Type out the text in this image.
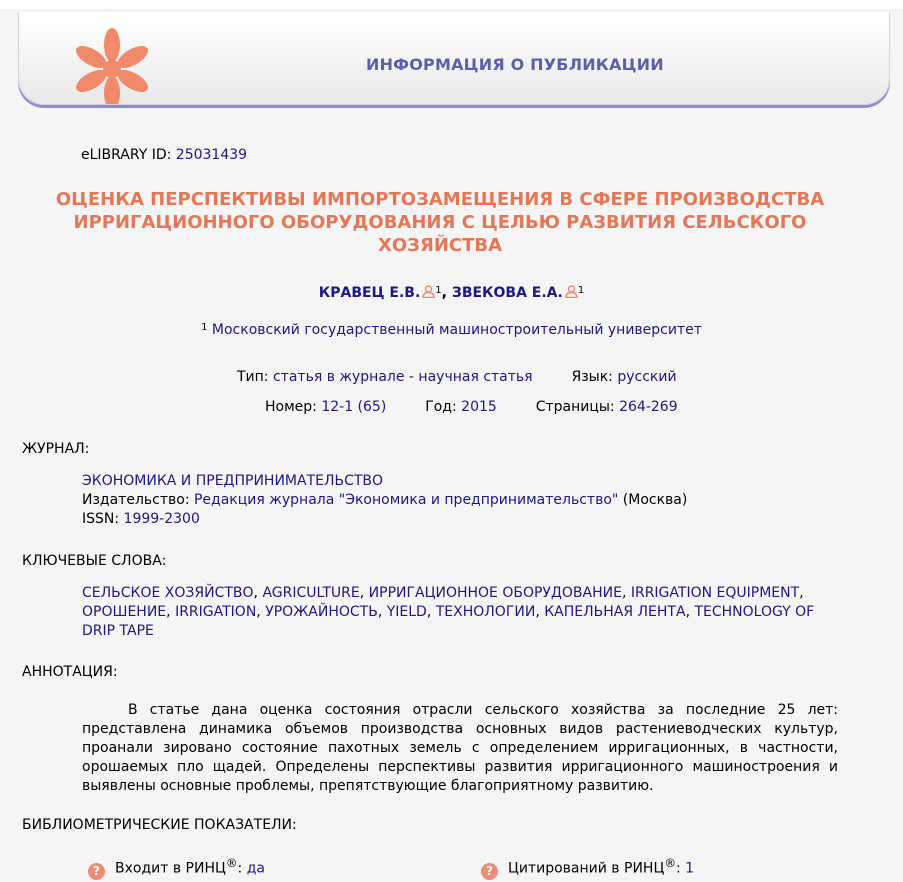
ИНФОРМАЦИЯ О ПУБЛИКАЦИИ
eLIBRARY ID: 25031439
ОЦЕНКА ПЕРСПЕКТИВЫ ИМПОРТОЗАМЕЩЕНИЯ В СФЕРЕ ПРОИЗВОДСТВА ИРРИГАЦИОННОГО ОБОРУДОВАНИЯ С ЦЕЛЬЮ РАЗВИТИЯ СЕЛЬСКОГО ХОЗЯЙСТВА
КРАВЕЦ Е.В. $^1$, ЗВЕКОВА Е.А. $^1$
$^1$ Московский государственный машиностроительный университет
Тип: статья в журнале - научная статья	Язык: русский
Номер: 12-1 (65)	Год: 2015	Страницы: 264-269
ЖУРНАЛ:
ЭКОНОМИКА И ПРЕДПРИНИМАТЕЛЬСТВО
Издательство: Редакция журнала "Экономика и предпринимательство" (Москва)
ISSN: 1999-2300
КЛЮЧЕВЫЕ СЛОВА:
СЕЛЬСКОЕ ХОЗЯЙСТВО, AGRICULTURE, ИРРИГАЦИОННОЕ ОБОРУДОВАНИЕ, IRRIGATION EQUIPMENT, ОРОШЕНИЕ, IRRIGATION, УРОЖАЙНОСТЬ, YIELD, ТЕХНОЛОГИИ, КАПЕЛЬНАЯ ЛЕНТА, TECHNOLOGY OF DRIP TAPE
АННОТАЦИЯ:
В статье дана оценка состояния отрасли сельского хозяйства за последние 25 лет: представлена динамика объемов производства основных видов растениеводческих культур, проанали зировано состояние пахотных земель с определением ирригационных, в частности, орошаемых пло щадей. Определены перспективы развития ирригационного машиностроения и выявлены основные проблемы, препятствующие благоприятному развитию.
БИБЛИОМЕТРИЧЕСКИЕ ПОКАЗАТЕЛИ:
? Входит в РИНЦ®: да	? Цитирований в РИНЦ®: 1
